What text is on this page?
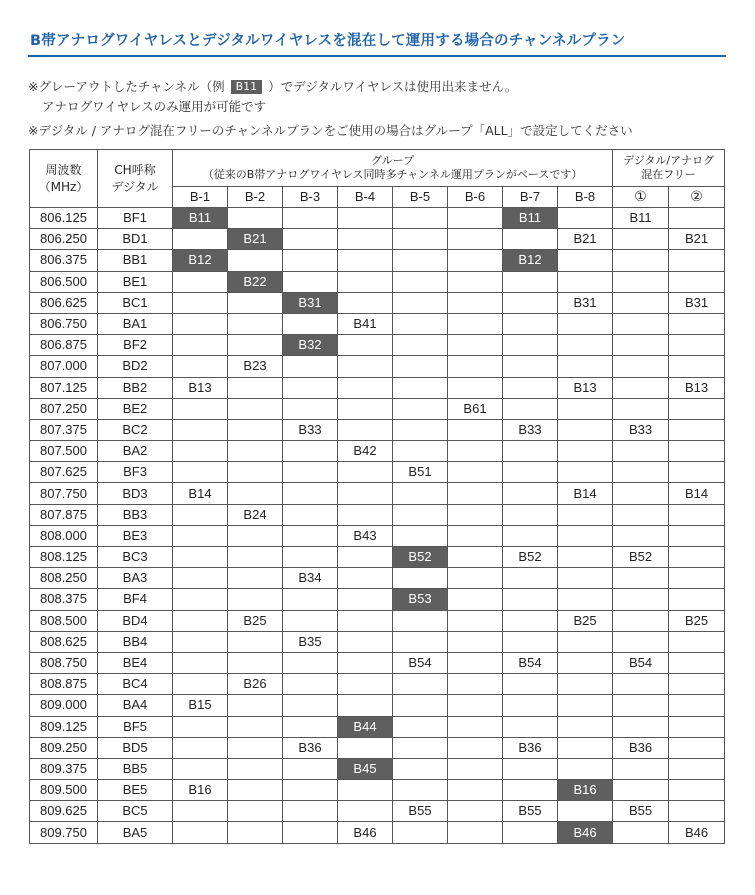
B帯アナログワイヤレスとデジタルワイヤレスを混在して運用する場合のチャンネルプラン
※グレーアウトしたチャンネル（例 B11 ）でデジタルワイヤレスは使用出来ません。
アナログワイヤレスのみ運用が可能です
※デジタル / アナログ混在フリーのチャンネルプランをご使用の場合はグループ「ALL」で設定してください
周波数
（MHz）	CH呼称
デジタル	グループ
（従来のB帯アナログワイヤレス同時多チャンネル運用プランがベースです）								デジタル/アナログ
混在フリー	
		B-1	B-2	B-3	B-4	B-5	B-6	B-7	B-8	①	②
806.125	BF1	B11						B11		B11	
806.250	BD1		B21						B21		B21
806.375	BB1	B12						B12			
806.500	BE1		B22								
806.625	BC1			B31					B31		B31
806.750	BA1				B41						
806.875	BF2			B32							
807.000	BD2		B23								
807.125	BB2	B13							B13		B13
807.250	BE2						B61				
807.375	BC2			B33				B33		B33	
807.500	BA2				B42						
807.625	BF3					B51					
807.750	BD3	B14							B14		B14
807.875	BB3		B24								
808.000	BE3				B43						
808.125	BC3					B52		B52		B52	
808.250	BA3			B34							
808.375	BF4					B53					
808.500	BD4		B25						B25		B25
808.625	BB4			B35							
808.750	BE4					B54		B54		B54	
808.875	BC4		B26								
809.000	BA4	B15									
809.125	BF5				B44						
809.250	BD5			B36				B36		B36	
809.375	BB5				B45						
809.500	BE5	B16							B16		
809.625	BC5					B55		B55		B55	
809.750	BA5				B46				B46		B46
